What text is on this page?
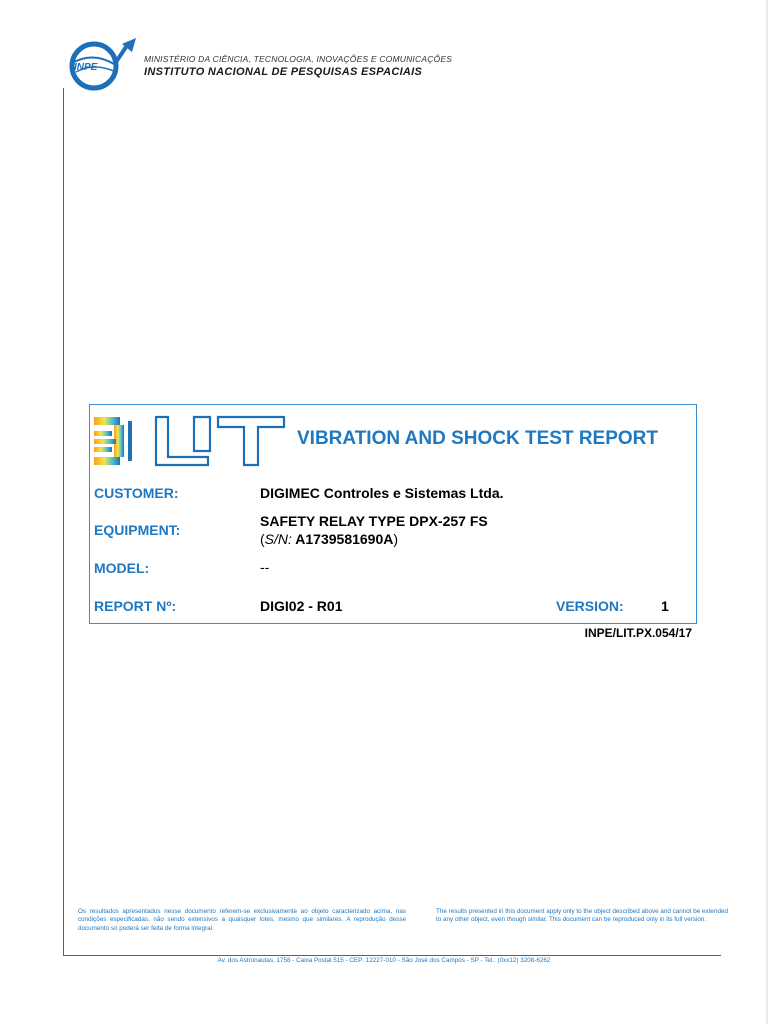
INPE
MINISTÉRIO DA CIÊNCIA, TECNOLOGIA, INOVAÇÕES E COMUNICAÇÕES
INSTITUTO NACIONAL DE PESQUISAS ESPACIAIS
VIBRATION AND SHOCK TEST REPORT
CUSTOMER:	DIGIMEC Controles e Sistemas Ltda.
EQUIPMENT:
SAFETY RELAY TYPE DPX-257 FS
(S/N: A1739581690A)
MODEL:	--
REPORT Nº:	DIGI02 - R01	VERSION:	1
INPE/LIT.PX.054/17
Os resultados apresentados nesse documento referem-se exclusivamente ao objeto caracterizado acima, nas condições especificadas, não sendo extensivos a quaisquer lotes, mesmo que similares. A reprodução desse documento só poderá ser feita de forma integral.
The results presented in this document apply only to the object described above and cannot be extended to any other object, even though similar. This document can be reproduced only in its full version.
Av. dos Astronautas, 1758 - Caixa Postal 515 - CEP: 12227-010 - São José dos Campos - SP - Tel.: (0xx12) 3208-6262
